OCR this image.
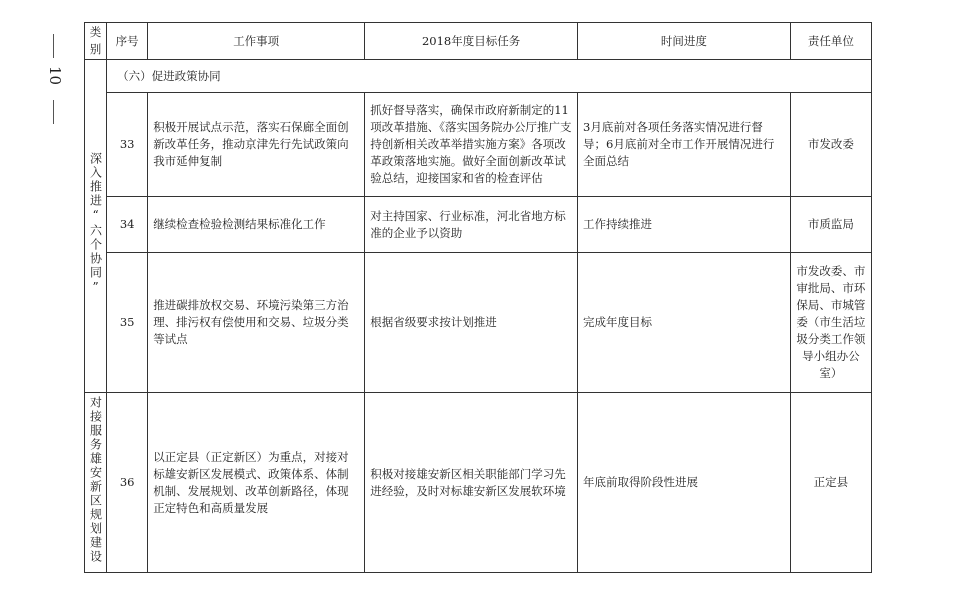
10
类别	序号	工作事项	2018年度目标任务	时间进度	责任单位
深入推进“六个协同”	（六）促进政策协同				
	33	积极开展试点示范，落实石保廊全面创新改革任务，推动京津先行先试政策向我市延伸复制	抓好督导落实，确保市政府新制定的11项改革措施、《落实国务院办公厅推广支持创新相关改革举措实施方案》各项改革政策落地实施。做好全面创新改革试验总结，迎接国家和省的检查评估	3月底前对各项任务落实情况进行督导；6月底前对全市工作开展情况进行全面总结	市发改委
	34	继续检查检验检测结果标准化工作	对主持国家、行业标准，河北省地方标准的企业予以资助	工作持续推进	市质监局
	35	推进碳排放权交易、环境污染第三方治理、排污权有偿使用和交易、垃圾分类等试点	根据省级要求按计划推进	完成年度目标	市发改委、市审批局、市环保局、市城管委（市生活垃圾分类工作领导小组办公室）
对接服务雄安新区规划建设	36	以正定县（正定新区）为重点，对接对标雄安新区发展模式、政策体系、体制机制、发展规划、改革创新路径，体现正定特色和高质量发展	积极对接雄安新区相关职能部门学习先进经验，及时对标雄安新区发展软环境	年底前取得阶段性进展	正定县
